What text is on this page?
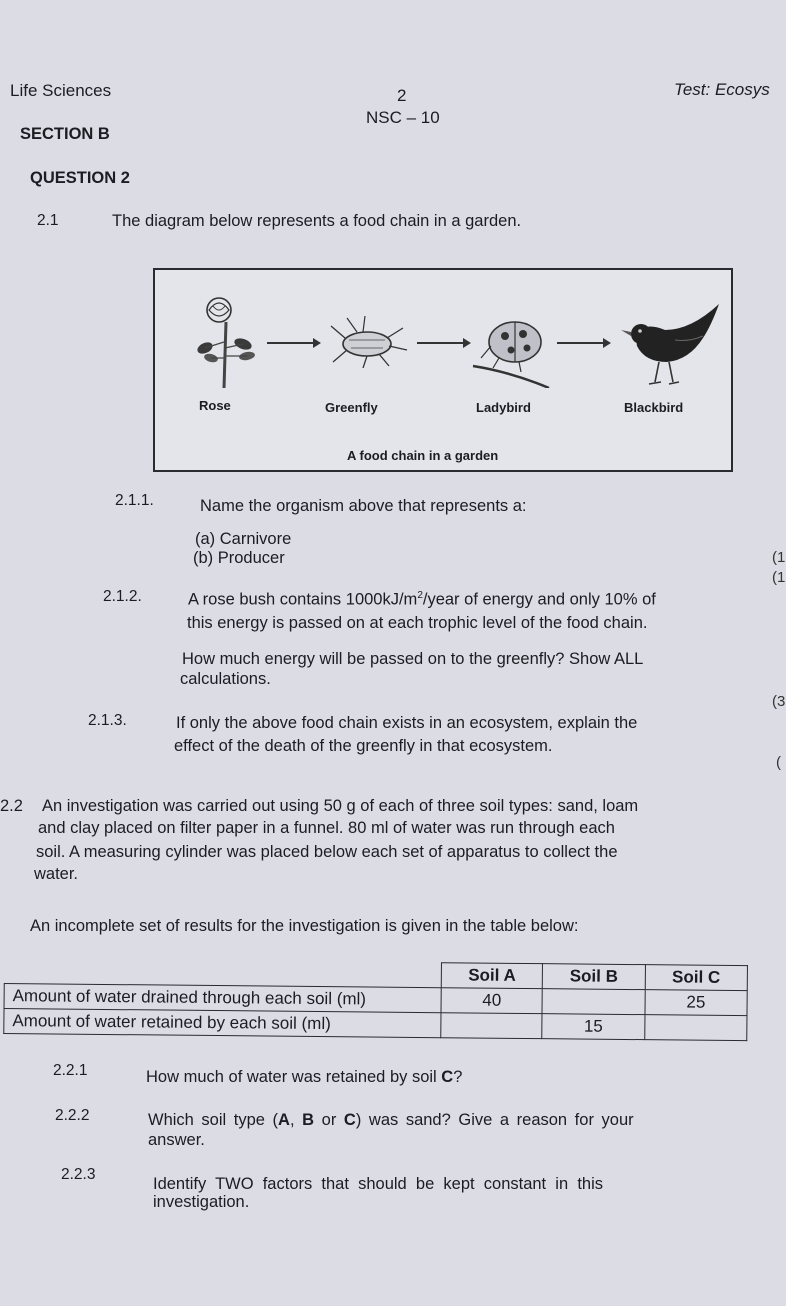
Life Sciences	2
NSC – 10
Test: Ecosys
SECTION B
QUESTION 2
2.1	The diagram below represents a food chain in a garden.
Rose	Greenfly	Ladybird	Blackbird
A food chain in a garden
2.1.1.	Name the organism above that represents a:
(a) Carnivore
(b) Producer	(1
(1
2.1.2.	A rose bush contains $1000kJ/m^2$/year of energy and only 10% of
this energy is passed on at each trophic level of the food chain.
How much energy will be passed on to the greenfly? Show ALL
calculations.
(3
2.1.3.	If only the above food chain exists in an ecosystem, explain the
effect of the death of the greenfly in that ecosystem.
(
2.2 An investigation was carried out using 50 g of each of three soil types: sand, loam
and clay placed on filter paper in a funnel. 80 ml of water was run through each
soil. A measuring cylinder was placed below each set of apparatus to collect the
water.
An incomplete set of results for the investigation is given in the table below:
	Soil A	Soil B	Soil C
Amount of water drained through each soil (ml)	40		25
Amount of water retained by each soil (ml)		15	
2.2.1	How much of water was retained by soil C?
2.2.2	Which soil type (A, B or C) was sand? Give a reason for your
answer.
2.2.3
Identify  TWO  factors  that  should  be  kept  constant  in  this
investigation.
